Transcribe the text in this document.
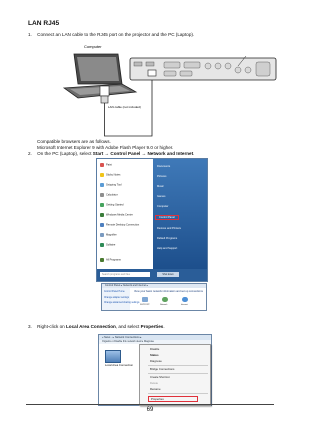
LAN RJ45
1. Connect an LAN cable to the RJ45 port on the projector and the PC (Laptop).
Computer
LAN cable (not included)
Compatible browsers are as follows.
Microsoft Internet Explorer 9 with Adobe Flash Player 9.0 or higher.
2. On the PC (Laptop), select Start → Control Panel → Network and Internet.
Paint
Sticky Notes
Snipping Tool
Calculator
Getting Started
Windows Media Center
Remote Desktop Connection
Magnifier
Solitaire
All Programs
Documents
Pictures
Music
Games
Computer
Control Panel
Devices and Printers
Default Programs
Help and Support
Search programs and files	Shut down
Control Panel ▸ Network and Internet ▸
Control Panel Home
Change adapter settings
Change advanced sharing settings
View your basic network information and set up connections
SUPPORT	Network	Internet
3. Right-click on Local Area Connection, and select Properties.
« Netw... ▸ Network Connections ▸
Organize ▾ Disable this network device Diagnose
Local Area Connection
Disable
Status
Diagnose
Bridge Connections
Create Shortcut
Delete
Rename
Properties
69
